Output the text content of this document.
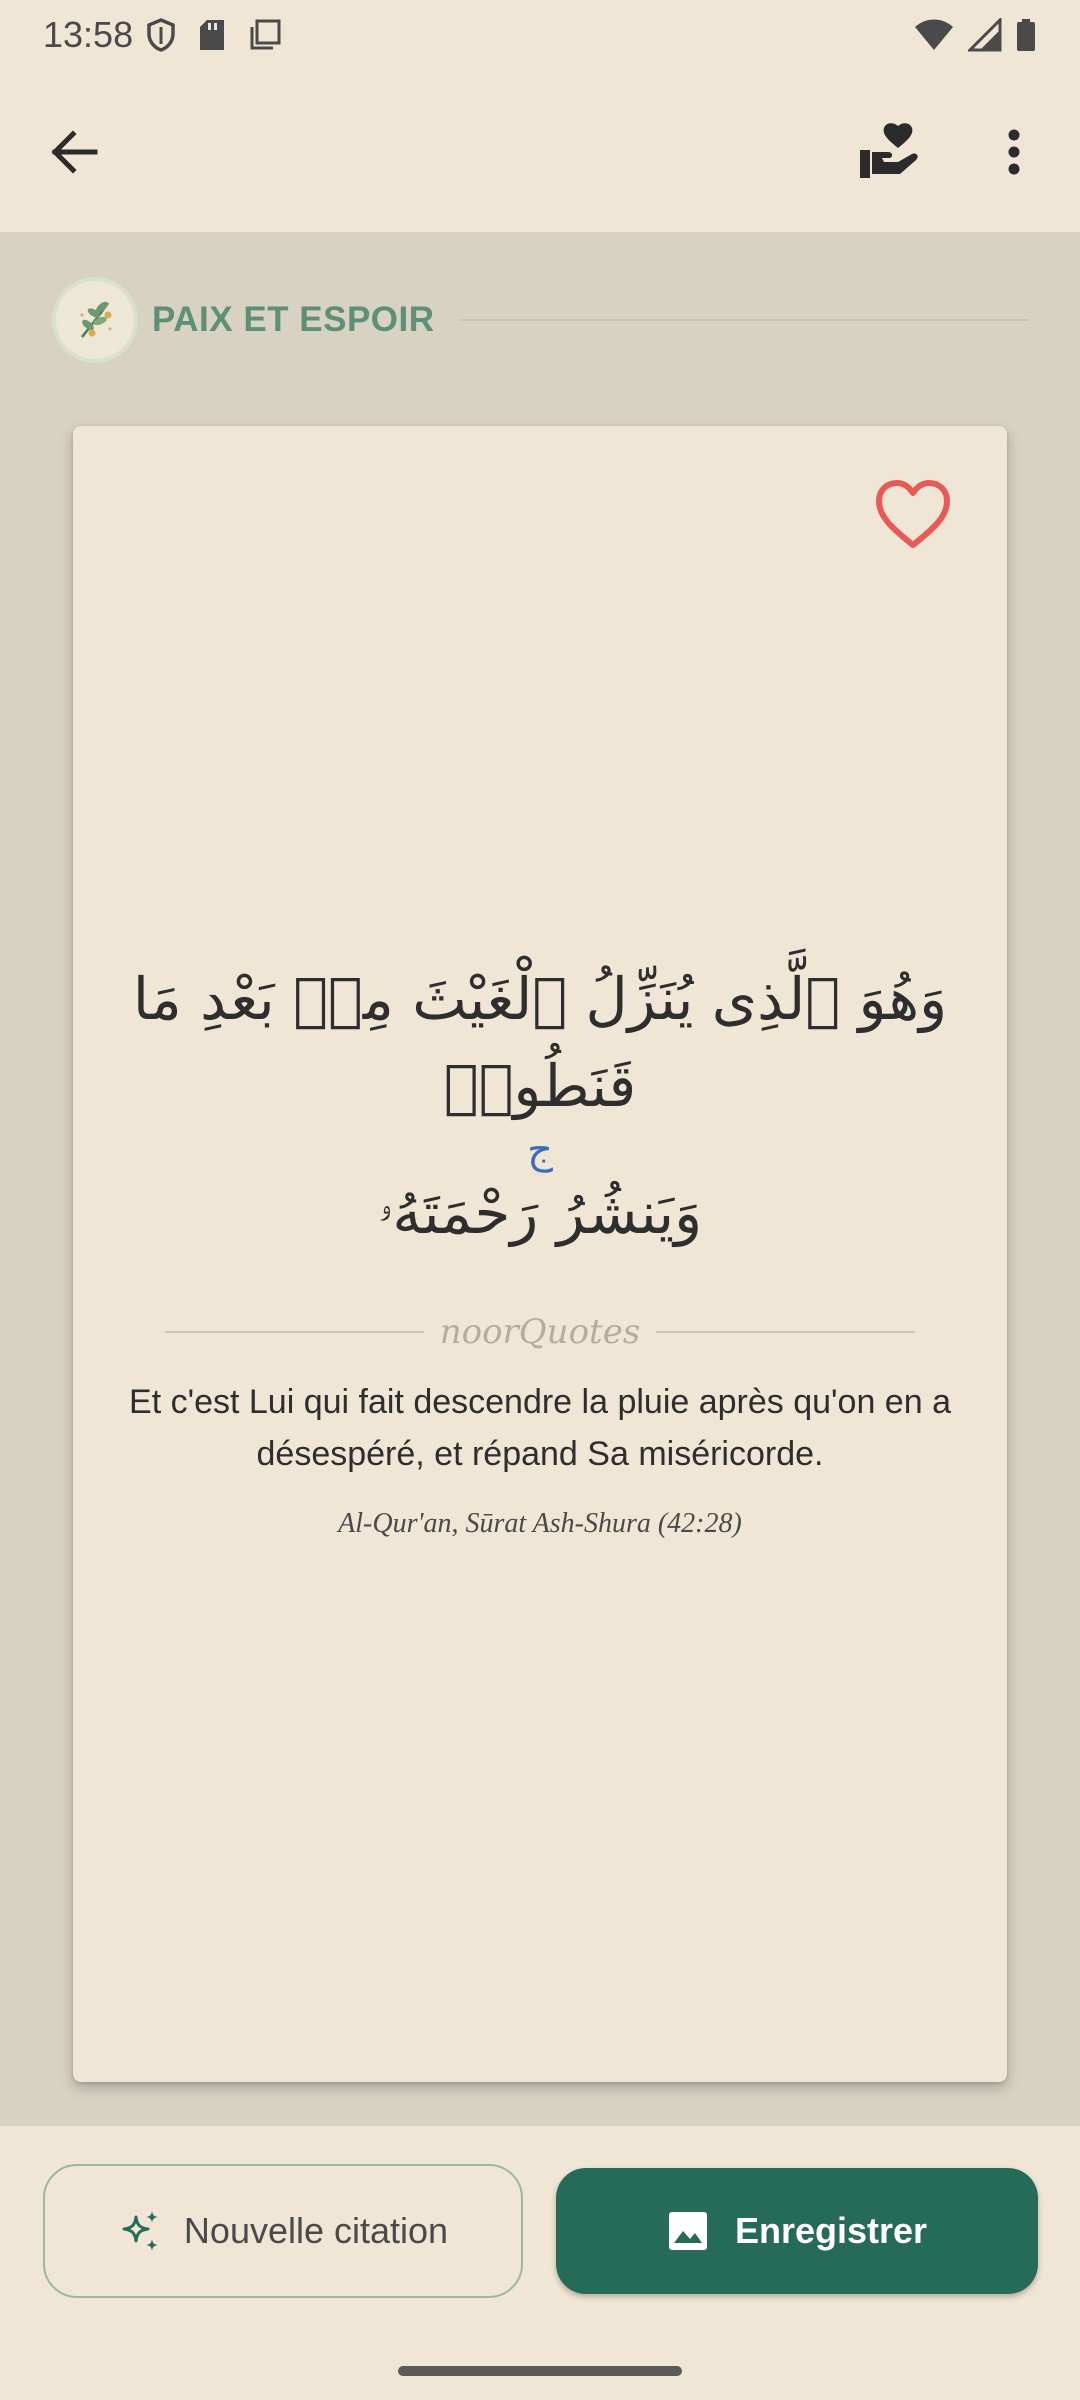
13:58
PAIX ET ESPOIR
وَهُوَ ٱلَّذِى يُنَزِّلُ ٱلْغَيْثَ مِنۢ بَعْدِ مَا قَنَطُوا۟
ج
وَيَنشُرُ رَحْمَتَهُۥ
noorQuotes
Et c'est Lui qui fait descendre la pluie après qu'on en a désespéré, et répand Sa miséricorde.
Al-Qur'an, Sūrat Ash-Shura (42:28)
Nouvelle citation	Enregistrer
